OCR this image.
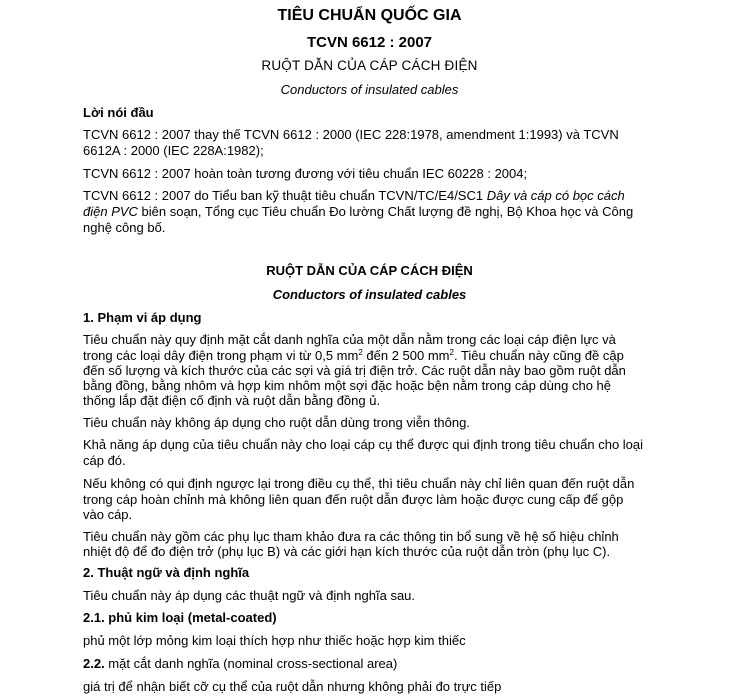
TIÊU CHUẨN QUỐC GIA
TCVN 6612 : 2007
RUỘT DẪN CỦA CÁP CÁCH ĐIỆN
Conductors of insulated cables
Lời nói đầu
TCVN 6612 : 2007 thay thế TCVN 6612 : 2000 (IEC 228:1978, amendment 1:1993) và TCVN
6612A : 2000 (IEC 228A:1982);
TCVN 6612 : 2007 hoàn toàn tương đương với tiêu chuẩn IEC 60228 : 2004;
TCVN 6612 : 2007 do Tiểu ban kỹ thuật tiêu chuẩn TCVN/TC/E4/SC1 Dây và cáp có bọc cách
điện PVC biên soạn, Tổng cục Tiêu chuẩn Đo lường Chất lượng đề nghị, Bộ Khoa học và Công
nghệ công bố.
RUỘT DẪN CỦA CÁP CÁCH ĐIỆN
Conductors of insulated cables
1. Phạm vi áp dụng
Tiêu chuẩn này quy định mặt cắt danh nghĩa của một dẫn nằm trong các loại cáp điện lực và
trong các loại dây điện trong phạm vi từ 0,5 $mm^2$ đến 2 500 $mm^2$. Tiêu chuẩn này cũng đề cập
đến số lượng và kích thước của các sợi và giá trị điện trở. Các ruột dẫn này bao gồm ruột dẫn
bằng đồng, bằng nhôm và hợp kim nhôm một sợi đặc hoặc bện nằm trong cáp dùng cho hệ
thống lắp đặt điện cố định và ruột dẫn bằng đồng ủ.
Tiêu chuẩn này không áp dụng cho ruột dẫn dùng trong viễn thông.
Khả năng áp dụng của tiêu chuẩn này cho loại cáp cụ thể được qui định trong tiêu chuẩn cho loại
cáp đó.
Nếu không có qui định ngược lại trong điều cụ thể, thì tiêu chuẩn này chỉ liên quan đến ruột dẫn
trong cáp hoàn chỉnh mà không liên quan đến ruột dẫn được làm hoặc được cung cấp để gộp
vào cáp.
Tiêu chuẩn này gồm các phụ lục tham khảo đưa ra các thông tin bổ sung về hệ số hiệu chỉnh
nhiệt độ để đo điện trở (phụ lục B) và các giới hạn kích thước của ruột dẫn tròn (phụ lục C).
2. Thuật ngữ và định nghĩa
Tiêu chuẩn này áp dụng các thuật ngữ và định nghĩa sau.
2.1. phủ kim loại (metal-coated)
phủ một lớp mỏng kim loại thích hợp như thiếc hoặc hợp kim thiếc
2.2. mặt cắt danh nghĩa (nominal cross-sectional area)
giá trị để nhận biết cỡ cụ thể của ruột dẫn nhưng không phải đo trực tiếp
